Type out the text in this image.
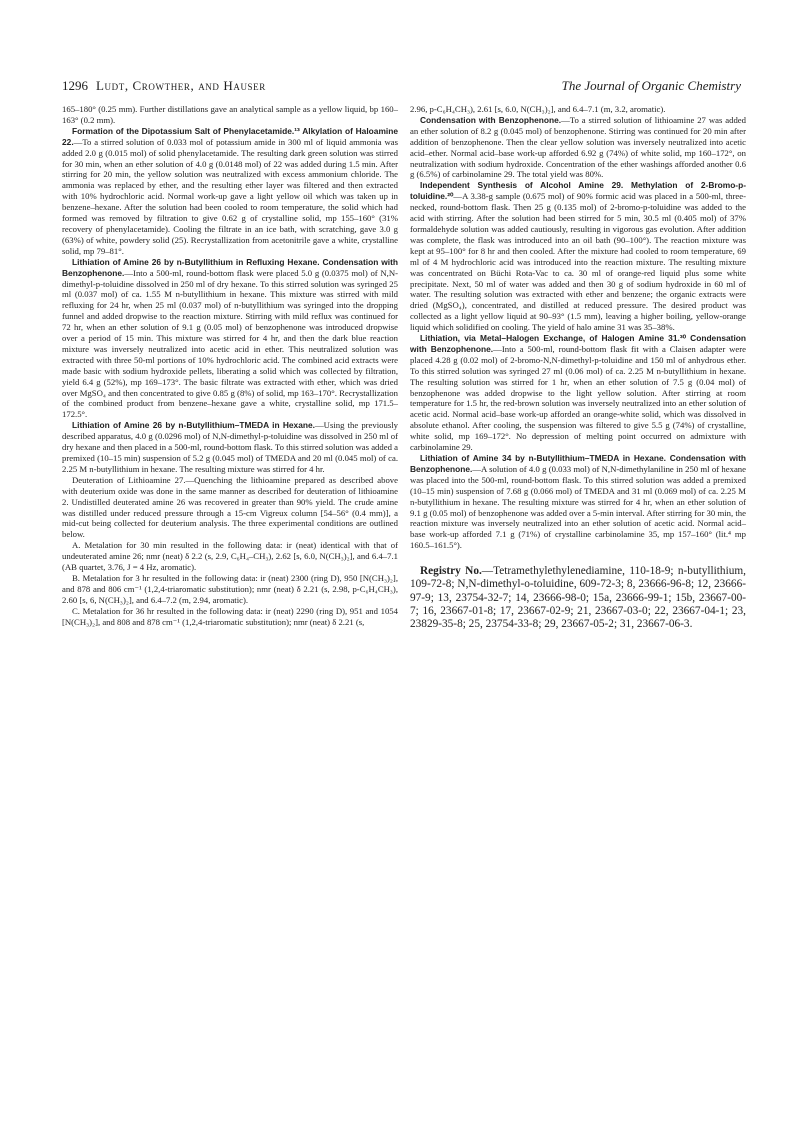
1296 Ludt, Crowther, and Hauser	The Journal of Organic Chemistry

165–180° (0.25 mm). Further distillations gave an analytical sample as a yellow liquid, bp 160–163° (0.2 mm).

Formation of the Dipotassium Salt of Phenylacetamide.¹³ Alkylation of Haloamine 22.—To a stirred solution of 0.033 mol of potassium amide in 300 ml of liquid ammonia was added 2.0 g (0.015 mol) of solid phenylacetamide. The resulting dark green solution was stirred for 30 min, when an ether solution of 4.0 g (0.0148 mol) of 22 was added during 1.5 min. After stirring for 20 min, the yellow solution was neutralized with excess ammonium chloride. The ammonia was replaced by ether, and the resulting ether layer was filtered and then extracted with 10% hydrochloric acid. Normal work-up gave a light yellow oil which was taken up in benzene–hexane. After the solution had been cooled to room temperature, the solid which had formed was removed by filtration to give 0.62 g of crystalline solid, mp 155–160° (31% recovery of phenylacetamide). Cooling the filtrate in an ice bath, with scratching, gave 3.0 g (63%) of white, powdery solid (25). Recrystallization from acetonitrile gave a white, crystalline solid, mp 79–81°.

Lithiation of Amine 26 by n-Butyllithium in Refluxing Hexane. Condensation with Benzophenone.—Into a 500-ml, round-bottom flask were placed 5.0 g (0.0375 mol) of N,N-dimethyl-p-toluidine dissolved in 250 ml of dry hexane. To this stirred solution was syringed 25 ml (0.037 mol) of ca. 1.55 M n-butyllithium in hexane. This mixture was stirred with mild refluxing for 24 hr, when 25 ml (0.037 mol) of n-butyllithium was syringed into the dropping funnel and added dropwise to the reaction mixture. Stirring with mild reflux was continued for 72 hr, when an ether solution of 9.1 g (0.05 mol) of benzophenone was introduced dropwise over a period of 15 min. This mixture was stirred for 4 hr, and then the dark blue reaction mixture was inversely neutralized into acetic acid in ether. This neutralized solution was extracted with three 50-ml portions of 10% hydrochloric acid. The combined acid extracts were made basic with sodium hydroxide pellets, liberating a solid which was collected by filtration, yield 6.4 g (52%), mp 169–173°. The basic filtrate was extracted with ether, which was dried over MgSO₄ and then concentrated to give 0.85 g (8%) of solid, mp 163–170°. Recrystallization of the combined product from benzene–hexane gave a white, crystalline solid, mp 171.5–172.5°.

Lithiation of Amine 26 by n-Butyllithium–TMEDA in Hexane.—Using the previously described apparatus, 4.0 g (0.0296 mol) of N,N-dimethyl-p-toluidine was dissolved in 250 ml of dry hexane and then placed in a 500-ml, round-bottom flask. To this stirred solution was added a premixed (10–15 min) suspension of 5.2 g (0.045 mol) of TMEDA and 20 ml (0.045 mol) of ca. 2.25 M n-butyllithium in hexane. The resulting mixture was stirred for 4 hr.

Deuteration of Lithioamine 27.—Quenching the lithioamine prepared as described above with deuterium oxide was done in the same manner as described for deuteration of lithioamine 2. Undistilled deuterated amine 26 was recovered in greater than 90% yield. The crude amine was distilled under reduced pressure through a 15-cm Vigreux column [54–56° (0.4 mm)], a mid-cut being collected for deuterium analysis. The three experimental conditions are outlined below.

A. Metalation for 30 min resulted in the following data: ir (neat) identical with that of undeuterated amine 26; nmr (neat) δ 2.2 (s, 2.9, C₆H₄–CH₃), 2.62 [s, 6.0, N(CH₃)₂], and 6.4–7.1 (AB quartet, 3.76, J = 4 Hz, aromatic).

B. Metalation for 3 hr resulted in the following data: ir (neat) 2300 (ring D), 950 [N(CH₃)₂], and 878 and 806 cm⁻¹ (1,2,4-triaromatic substitution); nmr (neat) δ 2.21 (s, 2.98, p-C₆H₄CH₃), 2.60 [s, 6, N(CH₃)₂], and 6.4–7.2 (m, 2.94, aromatic).

C. Metalation for 36 hr resulted in the following data: ir (neat) 2290 (ring D), 951 and 1054 [N(CH₃)₂], and 808 and 878 cm⁻¹ (1,2,4-triaromatic substitution); nmr (neat) δ 2.21 (s,

2.96, p-C₆H₄CH₃), 2.61 [s, 6.0, N(CH₃)₂], and 6.4–7.1 (m, 3.2, aromatic).

Condensation with Benzophenone.—To a stirred solution of lithioamine 27 was added an ether solution of 8.2 g (0.045 mol) of benzophenone. Stirring was continued for 20 min after addition of benzophenone. Then the clear yellow solution was inversely neutralized into acetic acid–ether. Normal acid–base work-up afforded 6.92 g (74%) of white solid, mp 160–172°, on neutralization with sodium hydroxide. Concentration of the ether washings afforded another 0.6 g (6.5%) of carbinolamine 29. The total yield was 80%.

Independent Synthesis of Alcohol Amine 29. Methylation of 2-Bromo-p-toluidine.²⁰—A 3.38-g sample (0.675 mol) of 90% formic acid was placed in a 500-ml, three-necked, round-bottom flask. Then 25 g (0.135 mol) of 2-bromo-p-toluidine was added to the acid with stirring. After the solution had been stirred for 5 min, 30.5 ml (0.405 mol) of 37% formaldehyde solution was added cautiously, resulting in vigorous gas evolution. After addition was complete, the flask was introduced into an oil bath (90–100°). The reaction mixture was kept at 95–100° for 8 hr and then cooled. After the mixture had cooled to room temperature, 69 ml of 4 M hydrochloric acid was introduced into the reaction mixture. The resulting mixture was concentrated on Büchi Rota-Vac to ca. 30 ml of orange-red liquid plus some white precipitate. Next, 50 ml of water was added and then 30 g of sodium hydroxide in 60 ml of water. The resulting solution was extracted with ether and benzene; the organic extracts were dried (MgSO₄), concentrated, and distilled at reduced pressure. The desired product was collected as a light yellow liquid at 90–93° (1.5 mm), leaving a higher boiling, yellow-orange liquid which solidified on cooling. The yield of halo amine 31 was 35–38%.

Lithiation, via Metal–Halogen Exchange, of Halogen Amine 31.³⁰ Condensation with Benzophenone.—Into a 500-ml, round-bottom flask fit with a Claisen adapter were placed 4.28 g (0.02 mol) of 2-bromo-N,N-dimethyl-p-toluidine and 150 ml of anhydrous ether. To this stirred solution was syringed 27 ml (0.06 mol) of ca. 2.25 M n-butyllithium in hexane. The resulting solution was stirred for 1 hr, when an ether solution of 7.5 g (0.04 mol) of benzophenone was added dropwise to the light yellow solution. After stirring at room temperature for 1.5 hr, the red-brown solution was inversely neutralized into an ether solution of acetic acid. Normal acid–base work-up afforded an orange-white solid, which was dissolved in absolute ethanol. After cooling, the suspension was filtered to give 5.5 g (74%) of crystalline, white solid, mp 169–172°. No depression of melting point occurred on admixture with carbinolamine 29.

Lithiation of Amine 34 by n-Butyllithium–TMEDA in Hexane. Condensation with Benzophenone.—A solution of 4.0 g (0.033 mol) of N,N-dimethylaniline in 250 ml of hexane was placed into the 500-ml, round-bottom flask. To this stirred solution was added a premixed (10–15 min) suspension of 7.68 g (0.066 mol) of TMEDA and 31 ml (0.069 mol) of ca. 2.25 M n-butyllithium in hexane. The resulting mixture was stirred for 4 hr, when an ether solution of 9.1 g (0.05 mol) of benzophenone was added over a 5-min interval. After stirring for 30 min, the reaction mixture was inversely neutralized into an ether solution of acetic acid. Normal acid–base work-up afforded 7.1 g (71%) of crystalline carbinolamine 35, mp 157–160° (lit.⁴ mp 160.5–161.5°).

Registry No.—Tetramethylethylenediamine, 110-18-9; n-butyllithium, 109-72-8; N,N-dimethyl-o-toluidine, 609-72-3; 8, 23666-96-8; 12, 23666-97-9; 13, 23754-32-7; 14, 23666-98-0; 15a, 23666-99-1; 15b, 23667-00-7; 16, 23667-01-8; 17, 23667-02-9; 21, 23667-03-0; 22, 23667-04-1; 23, 23829-35-8; 25, 23754-33-8; 29, 23667-05-2; 31, 23667-06-3.
